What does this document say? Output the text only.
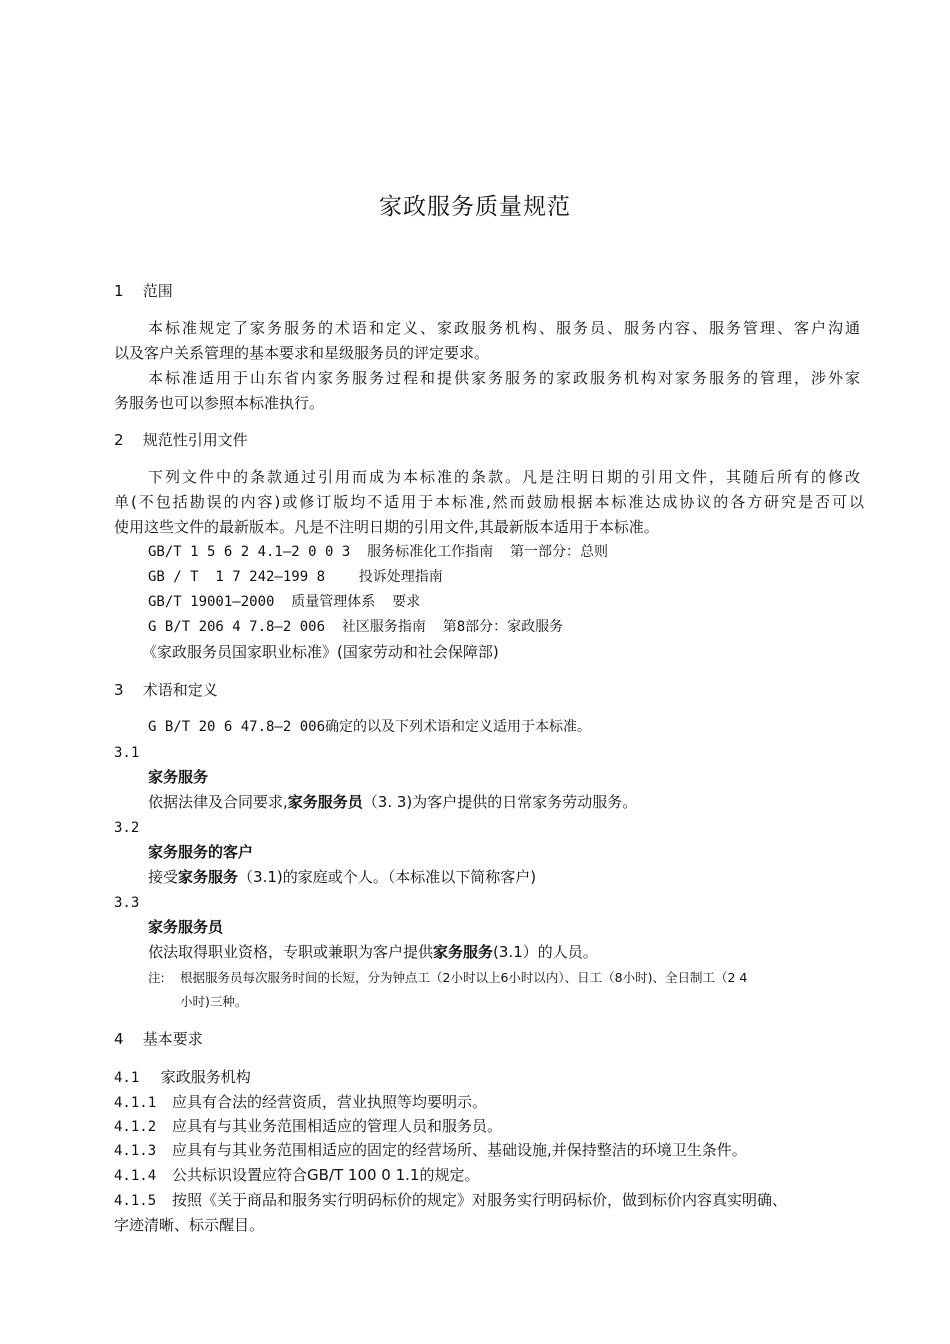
家政服务质量规范
1 范围
本标准规定了家务服务的术语和定义、家政服务机构、服务员、服务内容、服务管理、客户沟通
以及客户关系管理的基本要求和星级服务员的评定要求。
本标准适用于山东省内家务服务过程和提供家务服务的家政服务机构对家务服务的管理，涉外家
务服务也可以参照本标准执行。
2 规范性引用文件
下列文件中的条款通过引用而成为本标准的条款。凡是注明日期的引用文件，其随后所有的修改
单(不包括勘误的内容)或修订版均不适用于本标准,然而鼓励根据本标准达成协议的各方研究是否可以
使用这些文件的最新版本。凡是不注明日期的引用文件,其最新版本适用于本标准。
GB/T 1 5 6 2 4.1—2 0 0 3  服务标准化工作指南  第一部分：总则
GB / T  1 7 242—199 8    投诉处理指南
GB/T 19001—2000  质量管理体系  要求
G B/T 206 4 7.8—2 006  社区服务指南  第8部分：家政服务
《家政服务员国家职业标准》(国家劳动和社会保障部)
3 术语和定义
G B/T 20 6 47.8—2 006确定的以及下列术语和定义适用于本标准。
3.1
家务服务
依据法律及合同要求,家务服务员（3. 3)为客户提供的日常家务劳动服务。
3.2
家务服务的客户
接受家务服务（3.1)的家庭或个人。（本标准以下简称客户)
3.3
家务服务员
依法取得职业资格，专职或兼职为客户提供家务服务(3.1）的人员。
注: 根据服务员每次服务时间的长短，分为钟点工（2小时以上6小时以内）、日工（8小时)、全日制工（2 4
小时)三种。
4 基本要求
4.1 家政服务机构
4.1.1 应具有合法的经营资质，营业执照等均要明示。
4.1.2 应具有与其业务范围相适应的管理人员和服务员。
4.1.3 应具有与其业务范围相适应的固定的经营场所、基础设施,并保持整洁的环境卫生条件。
4.1.4 公共标识设置应符合GB/T 100 0 1.1的规定。
4.1.5 按照《关于商品和服务实行明码标价的规定》对服务实行明码标价，做到标价内容真实明确、
字迹清晰、标示醒目。
